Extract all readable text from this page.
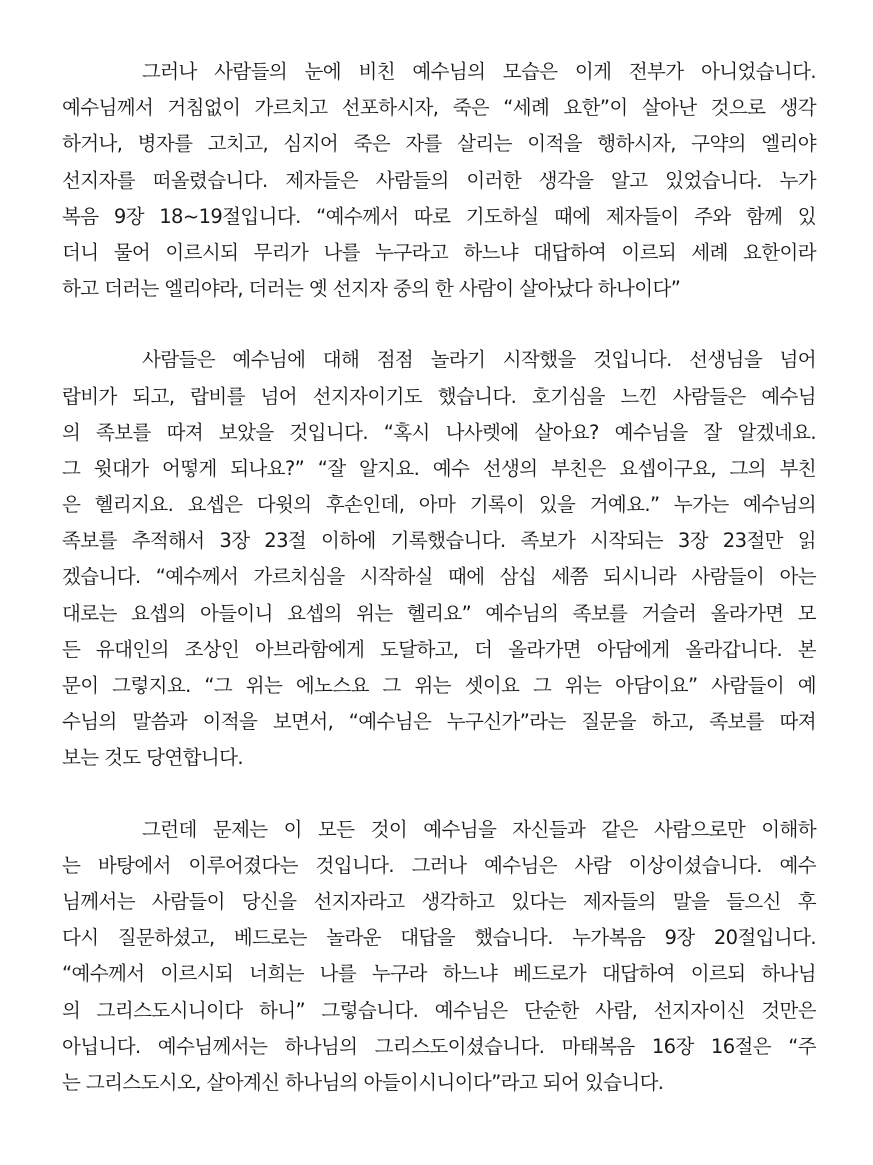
그러나 사람들의 눈에 비친 예수님의 모습은 이게 전부가 아니었습니다.
예수님께서 거침없이 가르치고 선포하시자, 죽은 “세례 요한”이 살아난 것으로 생각
하거나, 병자를 고치고, 심지어 죽은 자를 살리는 이적을 행하시자, 구약의 엘리야
선지자를 떠올렸습니다. 제자들은 사람들의 이러한 생각을 알고 있었습니다. 누가
복음 9장 18~19절입니다. “예수께서 따로 기도하실 때에 제자들이 주와 함께 있
더니 물어 이르시되 무리가 나를 누구라고 하느냐 대답하여 이르되 세례 요한이라
하고 더러는 엘리야라, 더러는 옛 선지자 중의 한 사람이 살아났다 하나이다”
사람들은 예수님에 대해 점점 놀라기 시작했을 것입니다. 선생님을 넘어
랍비가 되고, 랍비를 넘어 선지자이기도 했습니다. 호기심을 느낀 사람들은 예수님
의 족보를 따져 보았을 것입니다. “혹시 나사렛에 살아요? 예수님을 잘 알겠네요.
그 윗대가 어떻게 되나요?” “잘 알지요. 예수 선생의 부친은 요셉이구요, 그의 부친
은 헬리지요. 요셉은 다윗의 후손인데, 아마 기록이 있을 거예요.” 누가는 예수님의
족보를 추적해서 3장 23절 이하에 기록했습니다. 족보가 시작되는 3장 23절만 읽
겠습니다. “예수께서 가르치심을 시작하실 때에 삼십 세쯤 되시니라 사람들이 아는
대로는 요셉의 아들이니 요셉의 위는 헬리요” 예수님의 족보를 거슬러 올라가면 모
든 유대인의 조상인 아브라함에게 도달하고, 더 올라가면 아담에게 올라갑니다. 본
문이 그렇지요. “그 위는 에노스요 그 위는 셋이요 그 위는 아담이요” 사람들이 예
수님의 말씀과 이적을 보면서, “예수님은 누구신가”라는 질문을 하고, 족보를 따져
보는 것도 당연합니다.
그런데 문제는 이 모든 것이 예수님을 자신들과 같은 사람으로만 이해하
는 바탕에서 이루어졌다는 것입니다. 그러나 예수님은 사람 이상이셨습니다. 예수
님께서는 사람들이 당신을 선지자라고 생각하고 있다는 제자들의 말을 들으신 후
다시 질문하셨고, 베드로는 놀라운 대답을 했습니다. 누가복음 9장 20절입니다.
“예수께서 이르시되 너희는 나를 누구라 하느냐 베드로가 대답하여 이르되 하나님
의 그리스도시니이다 하니” 그렇습니다. 예수님은 단순한 사람, 선지자이신 것만은
아닙니다. 예수님께서는 하나님의 그리스도이셨습니다. 마태복음 16장 16절은 “주
는 그리스도시오, 살아계신 하나님의 아들이시니이다”라고 되어 있습니다.
